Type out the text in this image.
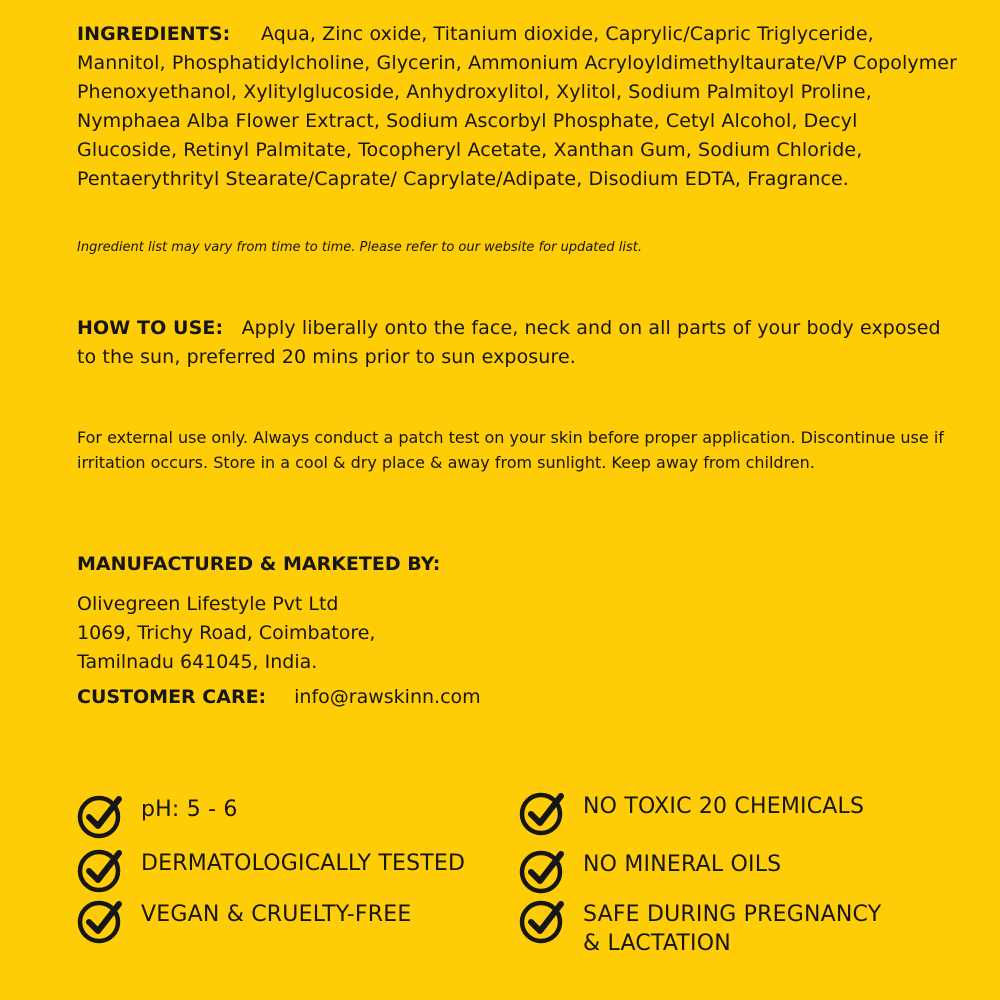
INGREDIENTS: Aqua, Zinc oxide, Titanium dioxide, Caprylic/Capric Triglyceride, Mannitol, Phosphatidylcholine, Glycerin, Ammonium Acryloyldimethyltaurate/VP Copolymer Phenoxyethanol, Xylitylglucoside, Anhydroxylitol, Xylitol, Sodium Palmitoyl Proline, Nymphaea Alba Flower Extract, Sodium Ascorbyl Phosphate, Cetyl Alcohol, Decyl Glucoside, Retinyl Palmitate, Tocopheryl Acetate, Xanthan Gum, Sodium Chloride, Pentaerythrityl Stearate/Caprate/ Caprylate/Adipate, Disodium EDTA, Fragrance.
Ingredient list may vary from time to time. Please refer to our website for updated list.
HOW TO USE: Apply liberally onto the face, neck and on all parts of your body exposed to the sun, preferred 20 mins prior to sun exposure.
For external use only. Always conduct a patch test on your skin before proper application. Discontinue use if irritation occurs. Store in a cool & dry place & away from sunlight. Keep away from children.
MANUFACTURED & MARKETED BY:
Olivegreen Lifestyle Pvt Ltd
1069, Trichy Road, Coimbatore,
Tamilnadu 641045, India.
CUSTOMER CARE: info@rawskinn.com
pH: 5 - 6
DERMATOLOGICALLY TESTED
VEGAN & CRUELTY-FREE
NO TOXIC 20 CHEMICALS
NO MINERAL OILS
SAFE DURING PREGNANCY
& LACTATION
